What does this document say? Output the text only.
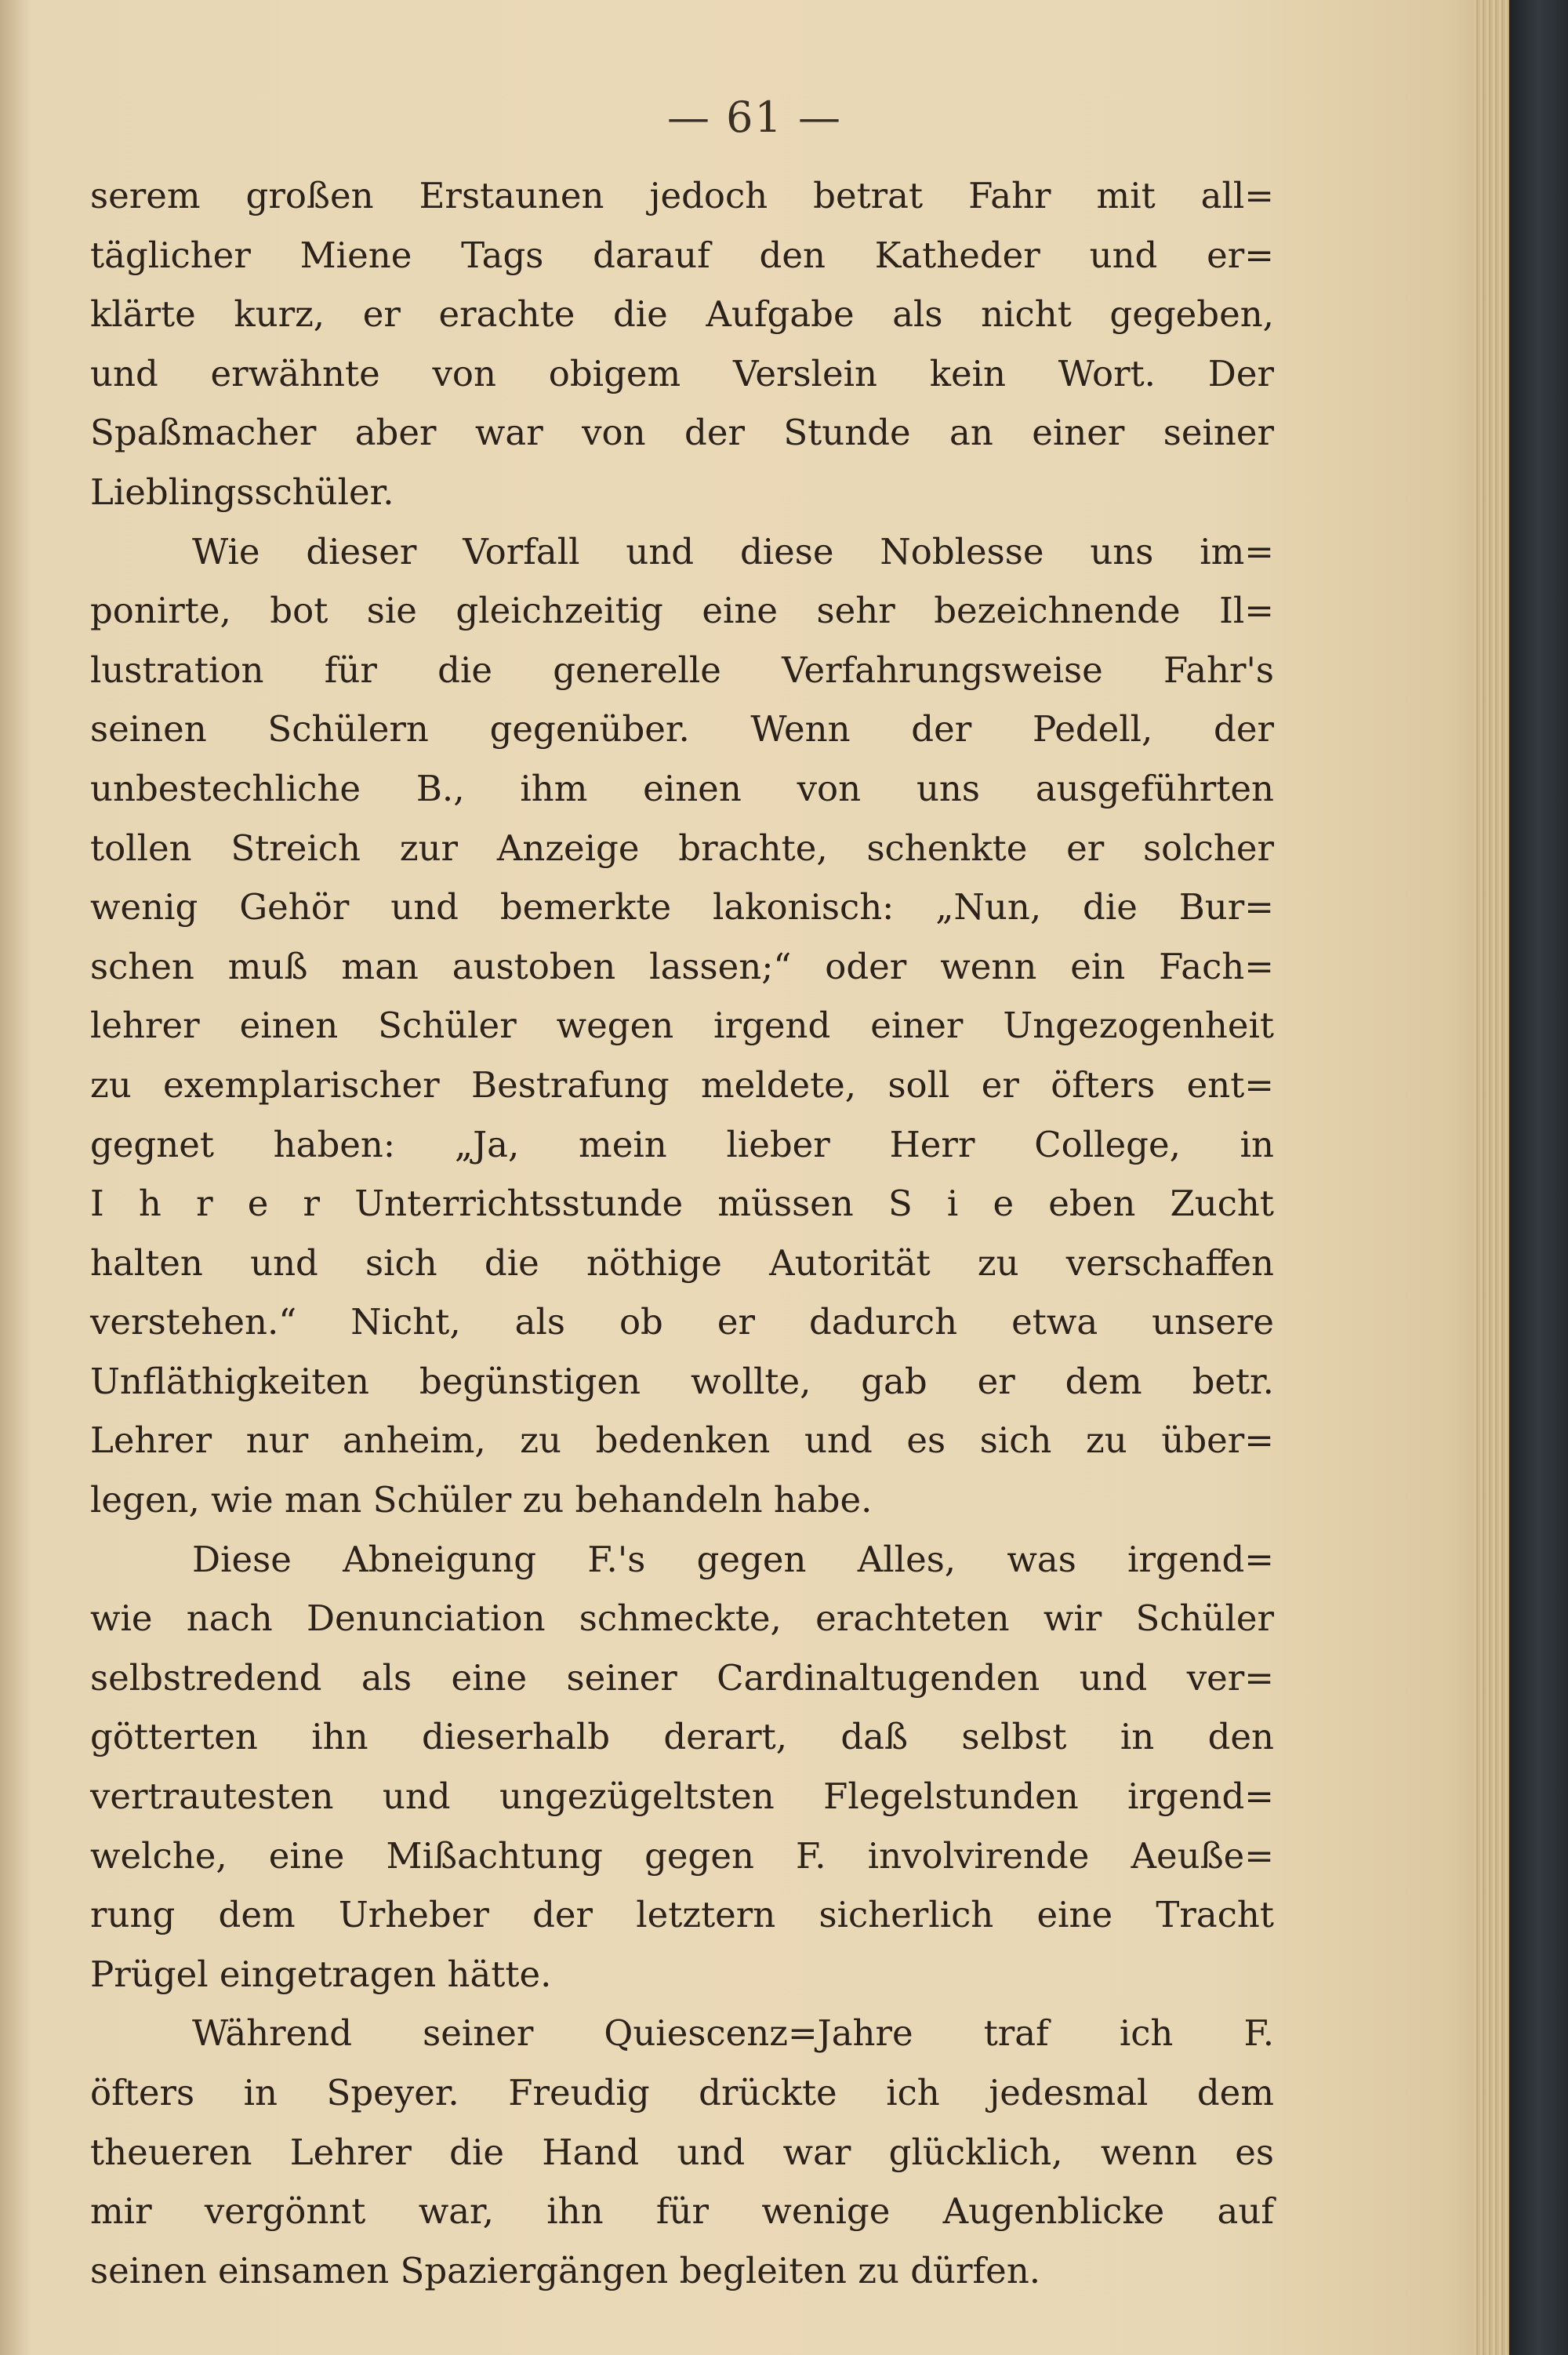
— 61 —
serem großen Erstaunen jedoch betrat Fahr mit all=
täglicher Miene Tags darauf den Katheder und er=
klärte kurz, er erachte die Aufgabe als nicht gegeben,
und erwähnte von obigem Verslein kein Wort. Der
Spaßmacher aber war von der Stunde an einer seiner
Lieblingsschüler.
Wie dieser Vorfall und diese Noblesse uns im=
ponirte, bot sie gleichzeitig eine sehr bezeichnende Il=
lustration für die generelle Verfahrungsweise Fahr's
seinen Schülern gegenüber. Wenn der Pedell, der
unbestechliche B., ihm einen von uns ausgeführten
tollen Streich zur Anzeige brachte, schenkte er solcher
wenig Gehör und bemerkte lakonisch: „Nun, die Bur=
schen muß man austoben lassen;“ oder wenn ein Fach=
lehrer einen Schüler wegen irgend einer Ungezogenheit
zu exemplarischer Bestrafung meldete, soll er öfters ent=
gegnet haben: „Ja, mein lieber Herr College, in
I h r e r Unterrichtsstunde müssen S i e eben Zucht
halten und sich die nöthige Autorität zu verschaffen
verstehen.“ Nicht, als ob er dadurch etwa unsere
Unfläthigkeiten begünstigen wollte, gab er dem betr.
Lehrer nur anheim, zu bedenken und es sich zu über=
legen, wie man Schüler zu behandeln habe.
Diese Abneigung F.'s gegen Alles, was irgend=
wie nach Denunciation schmeckte, erachteten wir Schüler
selbstredend als eine seiner Cardinaltugenden und ver=
götterten ihn dieserhalb derart, daß selbst in den
vertrautesten und ungezügeltsten Flegelstunden irgend=
welche, eine Mißachtung gegen F. involvirende Aeuße=
rung dem Urheber der letztern sicherlich eine Tracht
Prügel eingetragen hätte.
Während seiner Quiescenz=Jahre traf ich F.
öfters in Speyer. Freudig drückte ich jedesmal dem
theueren Lehrer die Hand und war glücklich, wenn es
mir vergönnt war, ihn für wenige Augenblicke auf
seinen einsamen Spaziergängen begleiten zu dürfen.
